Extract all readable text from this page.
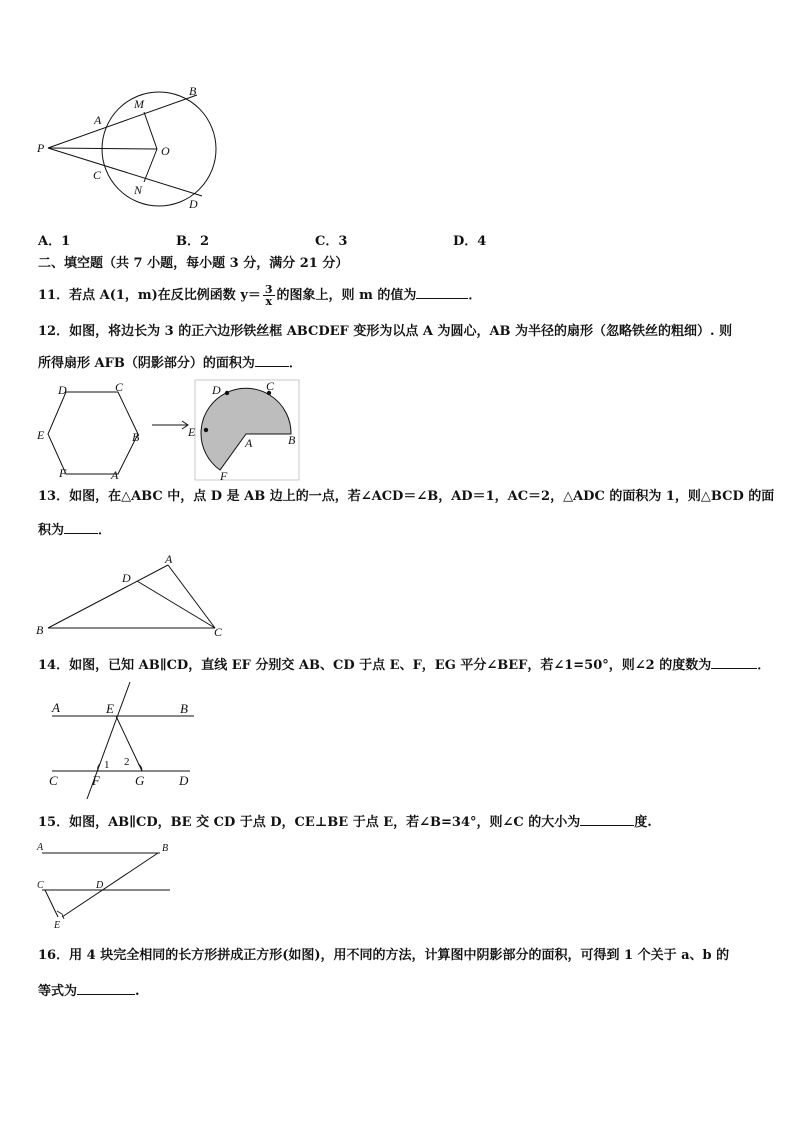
P
A
M
B
O
C
N
D
A．1	B．2	C．3	D．4
二、填空题（共 7 小题，每小题 3 分，满分 21 分）
11．若点 A(1，m)在反比例函数 $y= \frac{3}{x}$ 的图象上，则 m 的值为	．
12．如图，将边长为 3 的正六边形铁丝框 ABCDEF 变形为以点 A 为圆心，AB 为半径的扇形（忽略铁丝的粗细）. 则
所得扇形 AFB（阴影部分）的面积为	．
D	C
E	B
F	A
D	C
E
A	B
F
13．如图，在△ABC 中，点 D 是 AB 边上的一点，若∠ACD＝∠B，AD＝1，AC＝2，△ADC 的面积为 1，则△BCD 的面
积为	．
A
D
B	C
14．如图，已知 AB∥CD，直线 EF 分别交 AB、CD 于点 E、F，EG 平分∠BEF，若∠1=50°，则∠2 的度数为	．
A	E	B
C	F	G	D
1 2
15．如图，AB∥CD，BE 交 CD 于点 D，CE⊥BE 于点 E，若∠B=34°，则∠C 的大小为	度.
A	B
C	D
E
16．用 4 块完全相同的长方形拼成正方形(如图)，用不同的方法，计算图中阴影部分的面积，可得到 1 个关于 a、b 的
等式为	.
